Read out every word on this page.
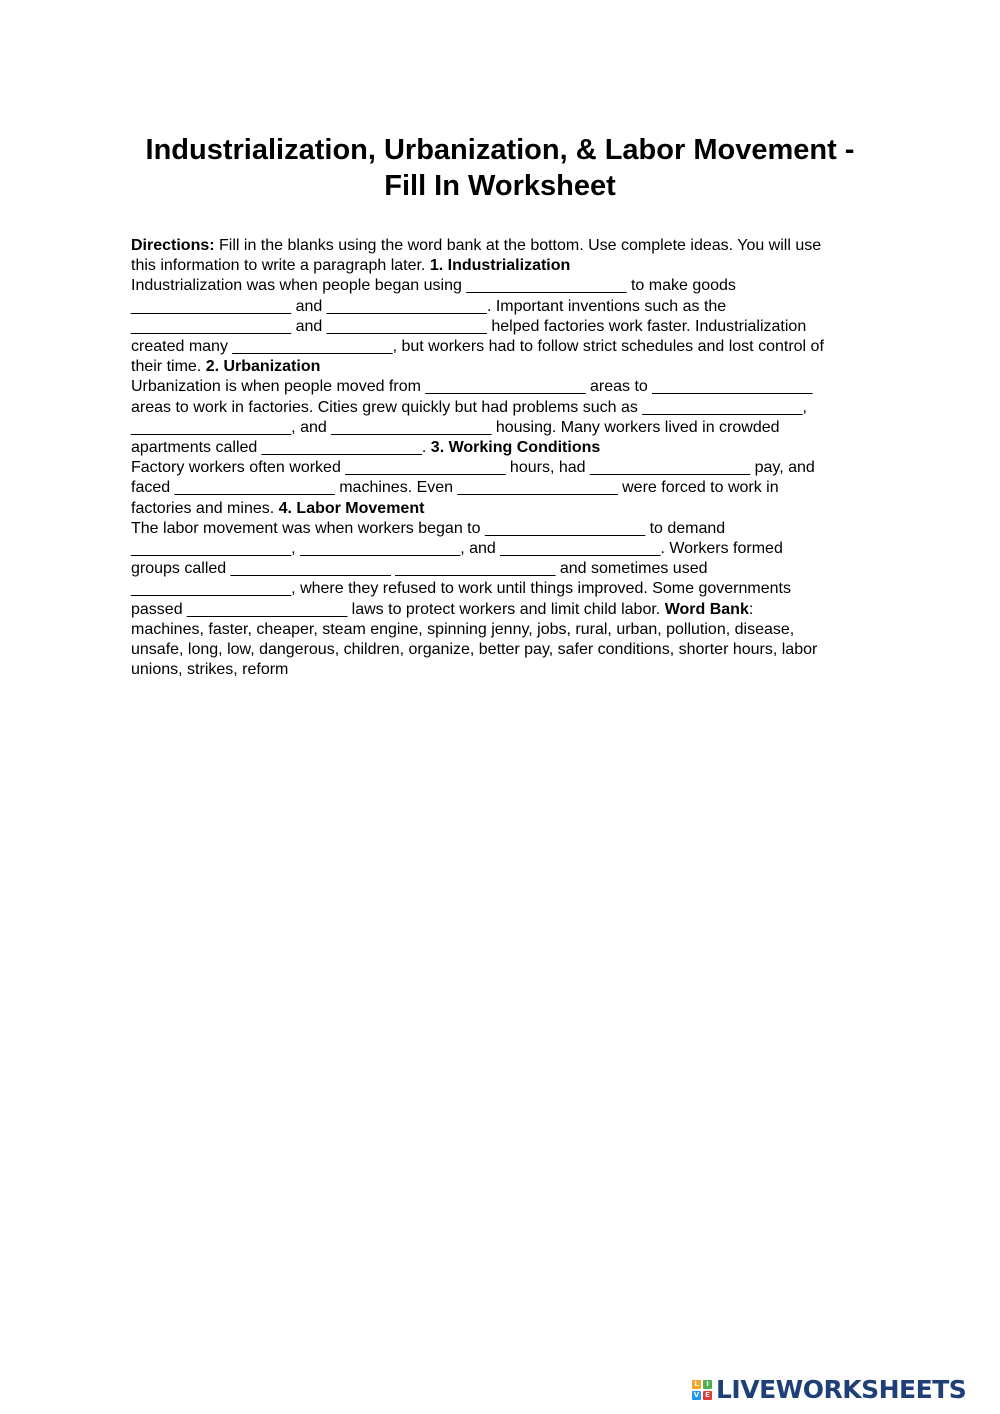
Industrialization, Urbanization, & Labor Movement -
Fill In Worksheet
Directions: Fill in the blanks using the word bank at the bottom. Use complete ideas. You will use
this information to write a paragraph later. 1. Industrialization
Industrialization was when people began using __________________ to make goods
__________________ and __________________. Important inventions such as the
__________________ and __________________ helped factories work faster. Industrialization
created many __________________, but workers had to follow strict schedules and lost control of
their time. 2. Urbanization
Urbanization is when people moved from __________________ areas to __________________
areas to work in factories. Cities grew quickly but had problems such as __________________,
__________________, and __________________ housing. Many workers lived in crowded
apartments called __________________. 3. Working Conditions
Factory workers often worked __________________ hours, had __________________ pay, and
faced __________________ machines. Even __________________ were forced to work in
factories and mines. 4. Labor Movement
The labor movement was when workers began to __________________ to demand
__________________, __________________, and __________________. Workers formed
groups called __________________ __________________ and sometimes used
__________________, where they refused to work until things improved. Some governments
passed __________________ laws to protect workers and limit child labor. Word Bank:
machines, faster, cheaper, steam engine, spinning jenny, jobs, rural, urban, pollution, disease,
unsafe, long, low, dangerous, children, organize, better pay, safer conditions, shorter hours, labor
unions, strikes, reform
L	I
V E LIVEWORKSHEETS
